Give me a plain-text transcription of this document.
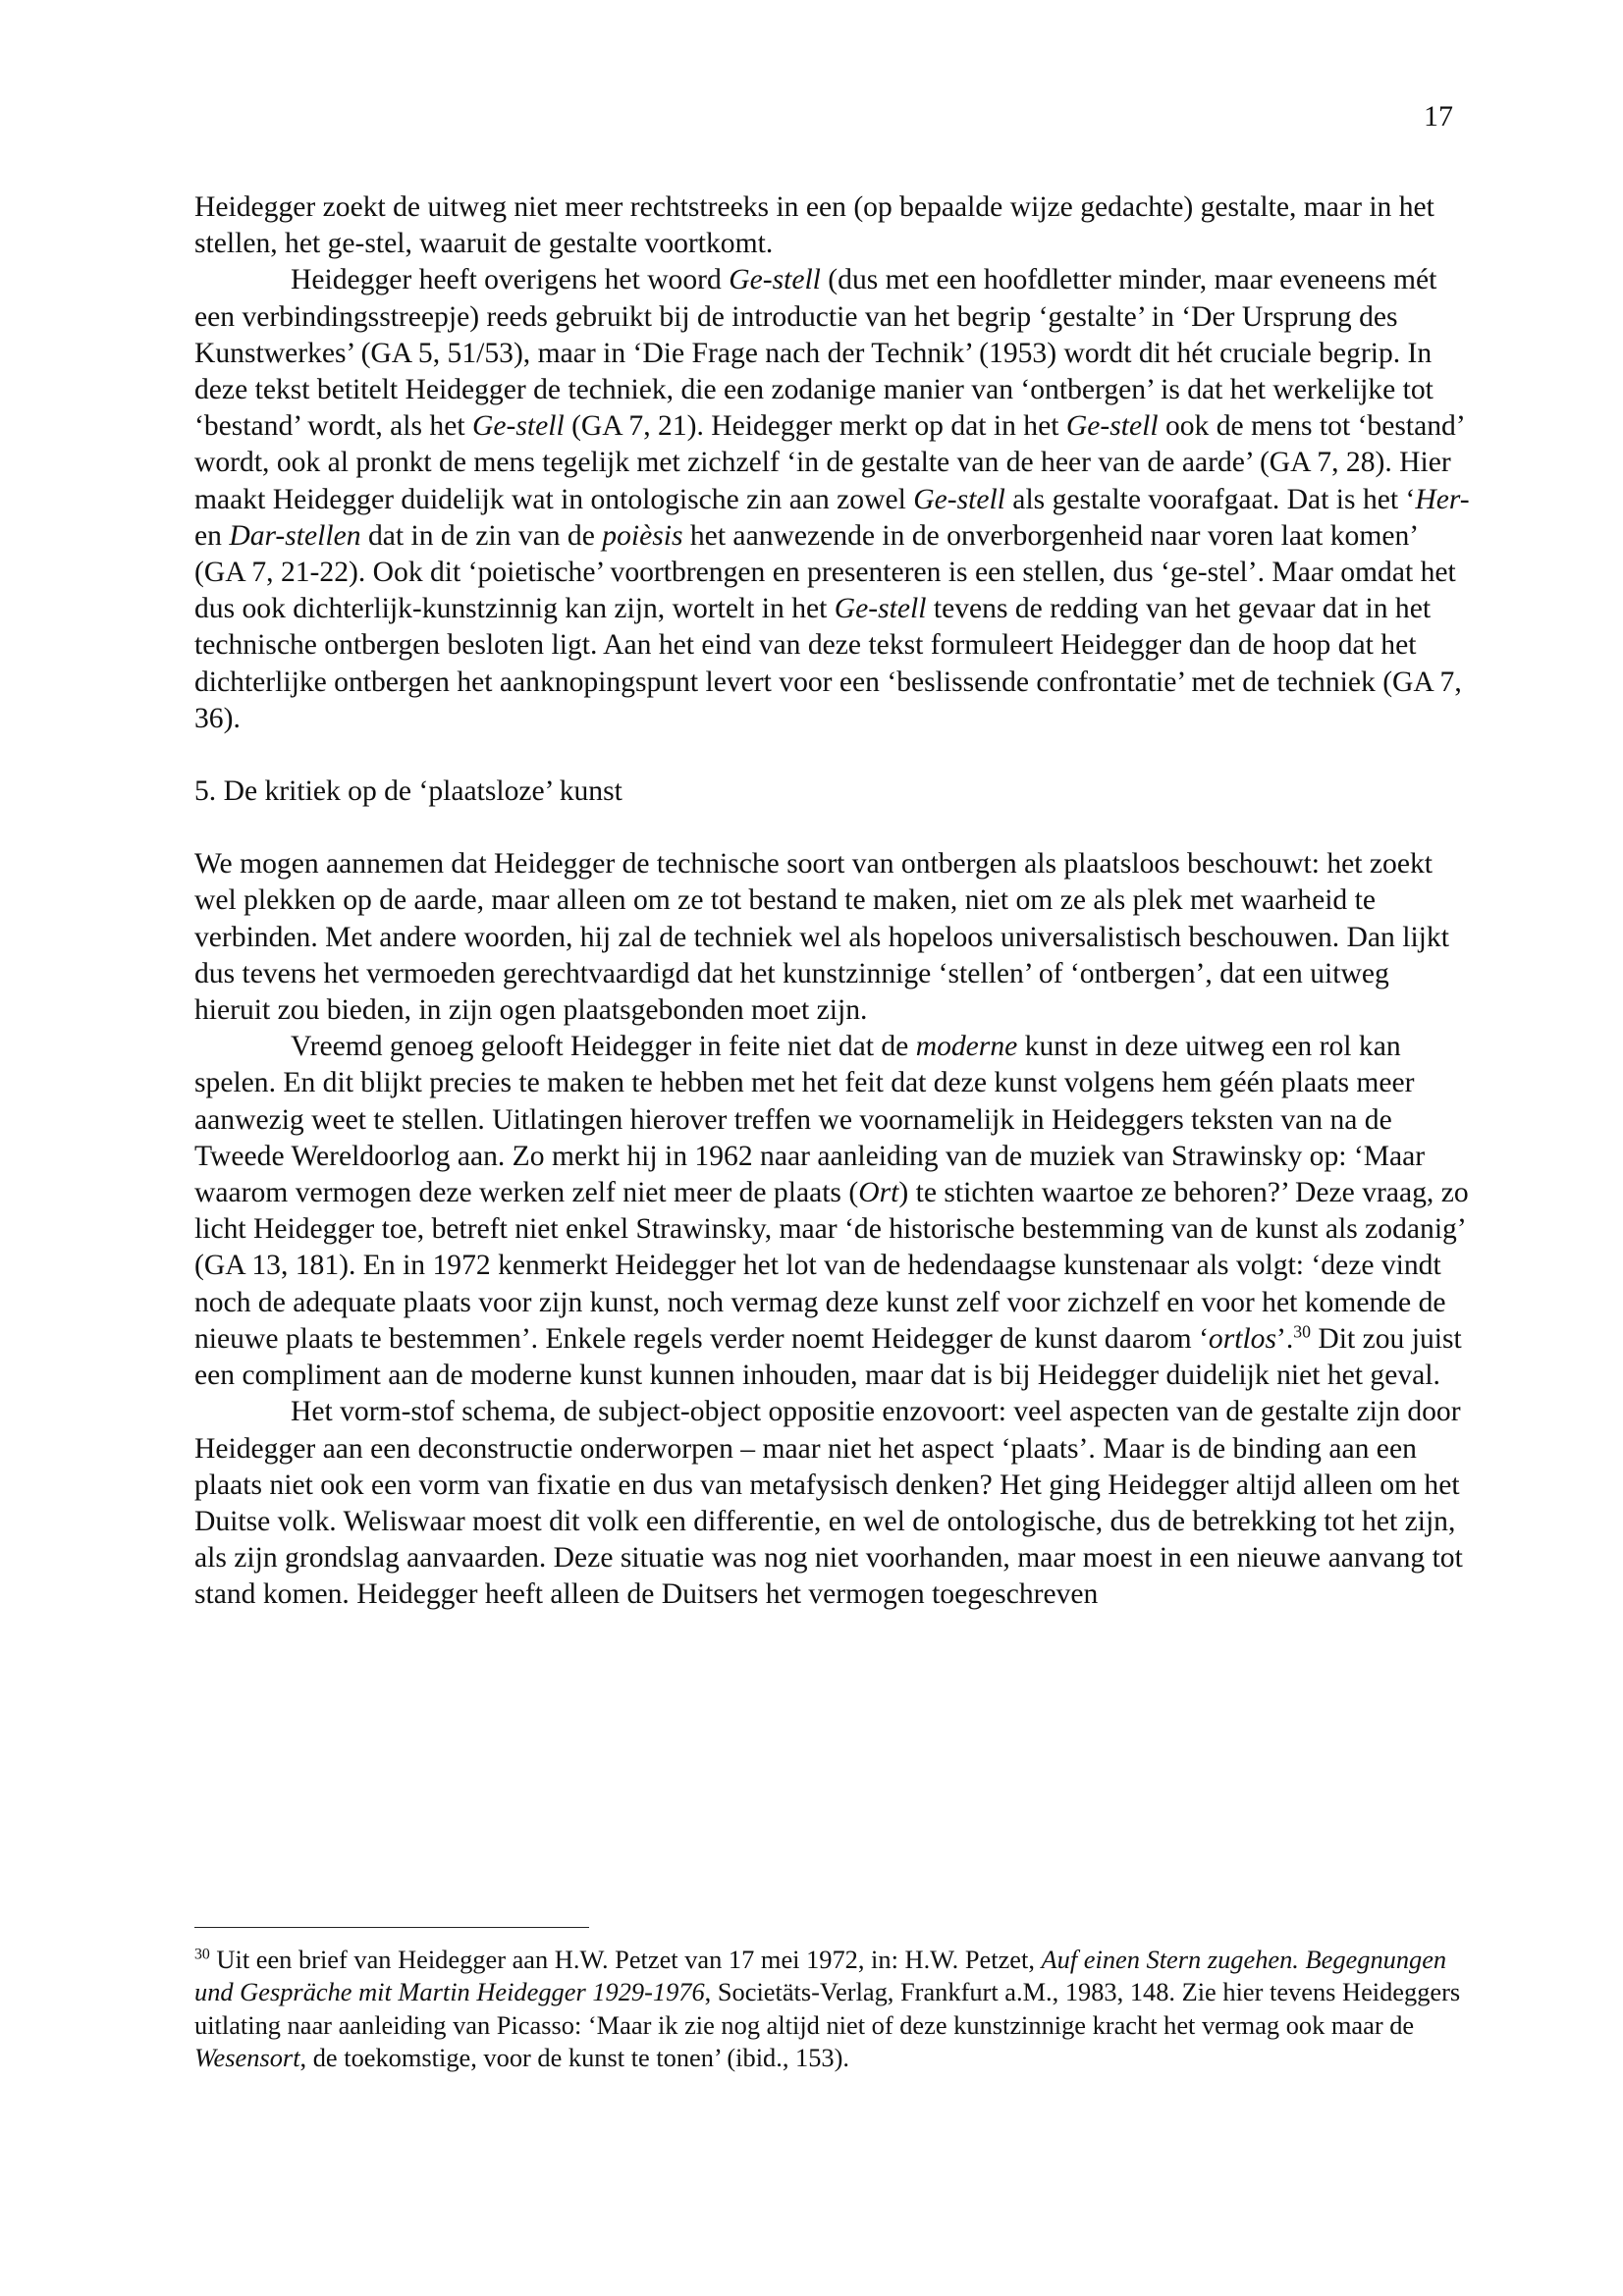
17

Heidegger zoekt de uitweg niet meer rechtstreeks in een (op bepaalde wijze gedachte) gestalte, maar in het stellen, het ge-stel, waaruit de gestalte voortkomt.

Heidegger heeft overigens het woord Ge-stell (dus met een hoofdletter minder, maar eveneens mét een verbindingsstreepje) reeds gebruikt bij de introductie van het begrip ‘gestalte’ in ‘Der Ursprung des Kunstwerkes’ (GA 5, 51/53), maar in ‘Die Frage nach der Technik’ (1953) wordt dit hét cruciale begrip. In deze tekst betitelt Heidegger de techniek, die een zodanige manier van ‘ontbergen’ is dat het werkelijke tot ‘bestand’ wordt, als het Ge-stell (GA 7, 21). Heidegger merkt op dat in het Ge-stell ook de mens tot ‘bestand’ wordt, ook al pronkt de mens tegelijk met zichzelf ‘in de gestalte van de heer van de aarde’ (GA 7, 28). Hier maakt Heidegger duidelijk wat in ontologische zin aan zowel Ge-stell als gestalte voorafgaat. Dat is het ‘Her- en Dar-stellen dat in de zin van de poièsis het aanwezende in de onverborgenheid naar voren laat komen’ (GA 7, 21-22). Ook dit ‘poietische’ voortbrengen en presenteren is een stellen, dus ‘ge-stel’. Maar omdat het dus ook dichterlijk-kunstzinnig kan zijn, wortelt in het Ge-stell tevens de redding van het gevaar dat in het technische ontbergen besloten ligt. Aan het eind van deze tekst formuleert Heidegger dan de hoop dat het dichterlijke ontbergen het aanknopingspunt levert voor een ‘beslissende confrontatie’ met de techniek (GA 7, 36).

5. De kritiek op de ‘plaatsloze’ kunst

We mogen aannemen dat Heidegger de technische soort van ontbergen als plaatsloos beschouwt: het zoekt wel plekken op de aarde, maar alleen om ze tot bestand te maken, niet om ze als plek met waarheid te verbinden. Met andere woorden, hij zal de techniek wel als hopeloos universalistisch beschouwen. Dan lijkt dus tevens het vermoeden gerechtvaardigd dat het kunstzinnige ‘stellen’ of ‘ontbergen’, dat een uitweg hieruit zou bieden, in zijn ogen plaatsgebonden moet zijn.

Vreemd genoeg gelooft Heidegger in feite niet dat de moderne kunst in deze uitweg een rol kan spelen. En dit blijkt precies te maken te hebben met het feit dat deze kunst volgens hem géén plaats meer aanwezig weet te stellen. Uitlatingen hierover treffen we voornamelijk in Heideggers teksten van na de Tweede Wereldoorlog aan. Zo merkt hij in 1962 naar aanleiding van de muziek van Strawinsky op: ‘Maar waarom vermogen deze werken zelf niet meer de plaats (Ort) te stichten waartoe ze behoren?’ Deze vraag, zo licht Heidegger toe, betreft niet enkel Strawinsky, maar ‘de historische bestemming van de kunst als zodanig’ (GA 13, 181). En in 1972 kenmerkt Heidegger het lot van de hedendaagse kunstenaar als volgt: ‘deze vindt noch de adequate plaats voor zijn kunst, noch vermag deze kunst zelf voor zichzelf en voor het komende de nieuwe plaats te bestemmen’. Enkele regels verder noemt Heidegger de kunst daarom ‘ortlos’.$^{30}$ Dit zou juist een compliment aan de moderne kunst kunnen inhouden, maar dat is bij Heidegger duidelijk niet het geval.

Het vorm-stof schema, de subject-object oppositie enzovoort: veel aspecten van de gestalte zijn door Heidegger aan een deconstructie onderworpen – maar niet het aspect ‘plaats’. Maar is de binding aan een plaats niet ook een vorm van fixatie en dus van metafysisch denken? Het ging Heidegger altijd alleen om het Duitse volk. Weliswaar moest dit volk een differentie, en wel de ontologische, dus de betrekking tot het zijn, als zijn grondslag aanvaarden. Deze situatie was nog niet voorhanden, maar moest in een nieuwe aanvang tot stand komen. Heidegger heeft alleen de Duitsers het vermogen toegeschreven

$^{30}$ Uit een brief van Heidegger aan H.W. Petzet van 17 mei 1972, in: H.W. Petzet, Auf einen Stern zugehen. Begegnungen und Gespräche mit Martin Heidegger 1929-1976, Societäts-Verlag, Frankfurt a.M., 1983, 148. Zie hier tevens Heideggers uitlating naar aanleiding van Picasso: ‘Maar ik zie nog altijd niet of deze kunstzinnige kracht het vermag ook maar de Wesensort, de toekomstige, voor de kunst te tonen’ (ibid., 153).
